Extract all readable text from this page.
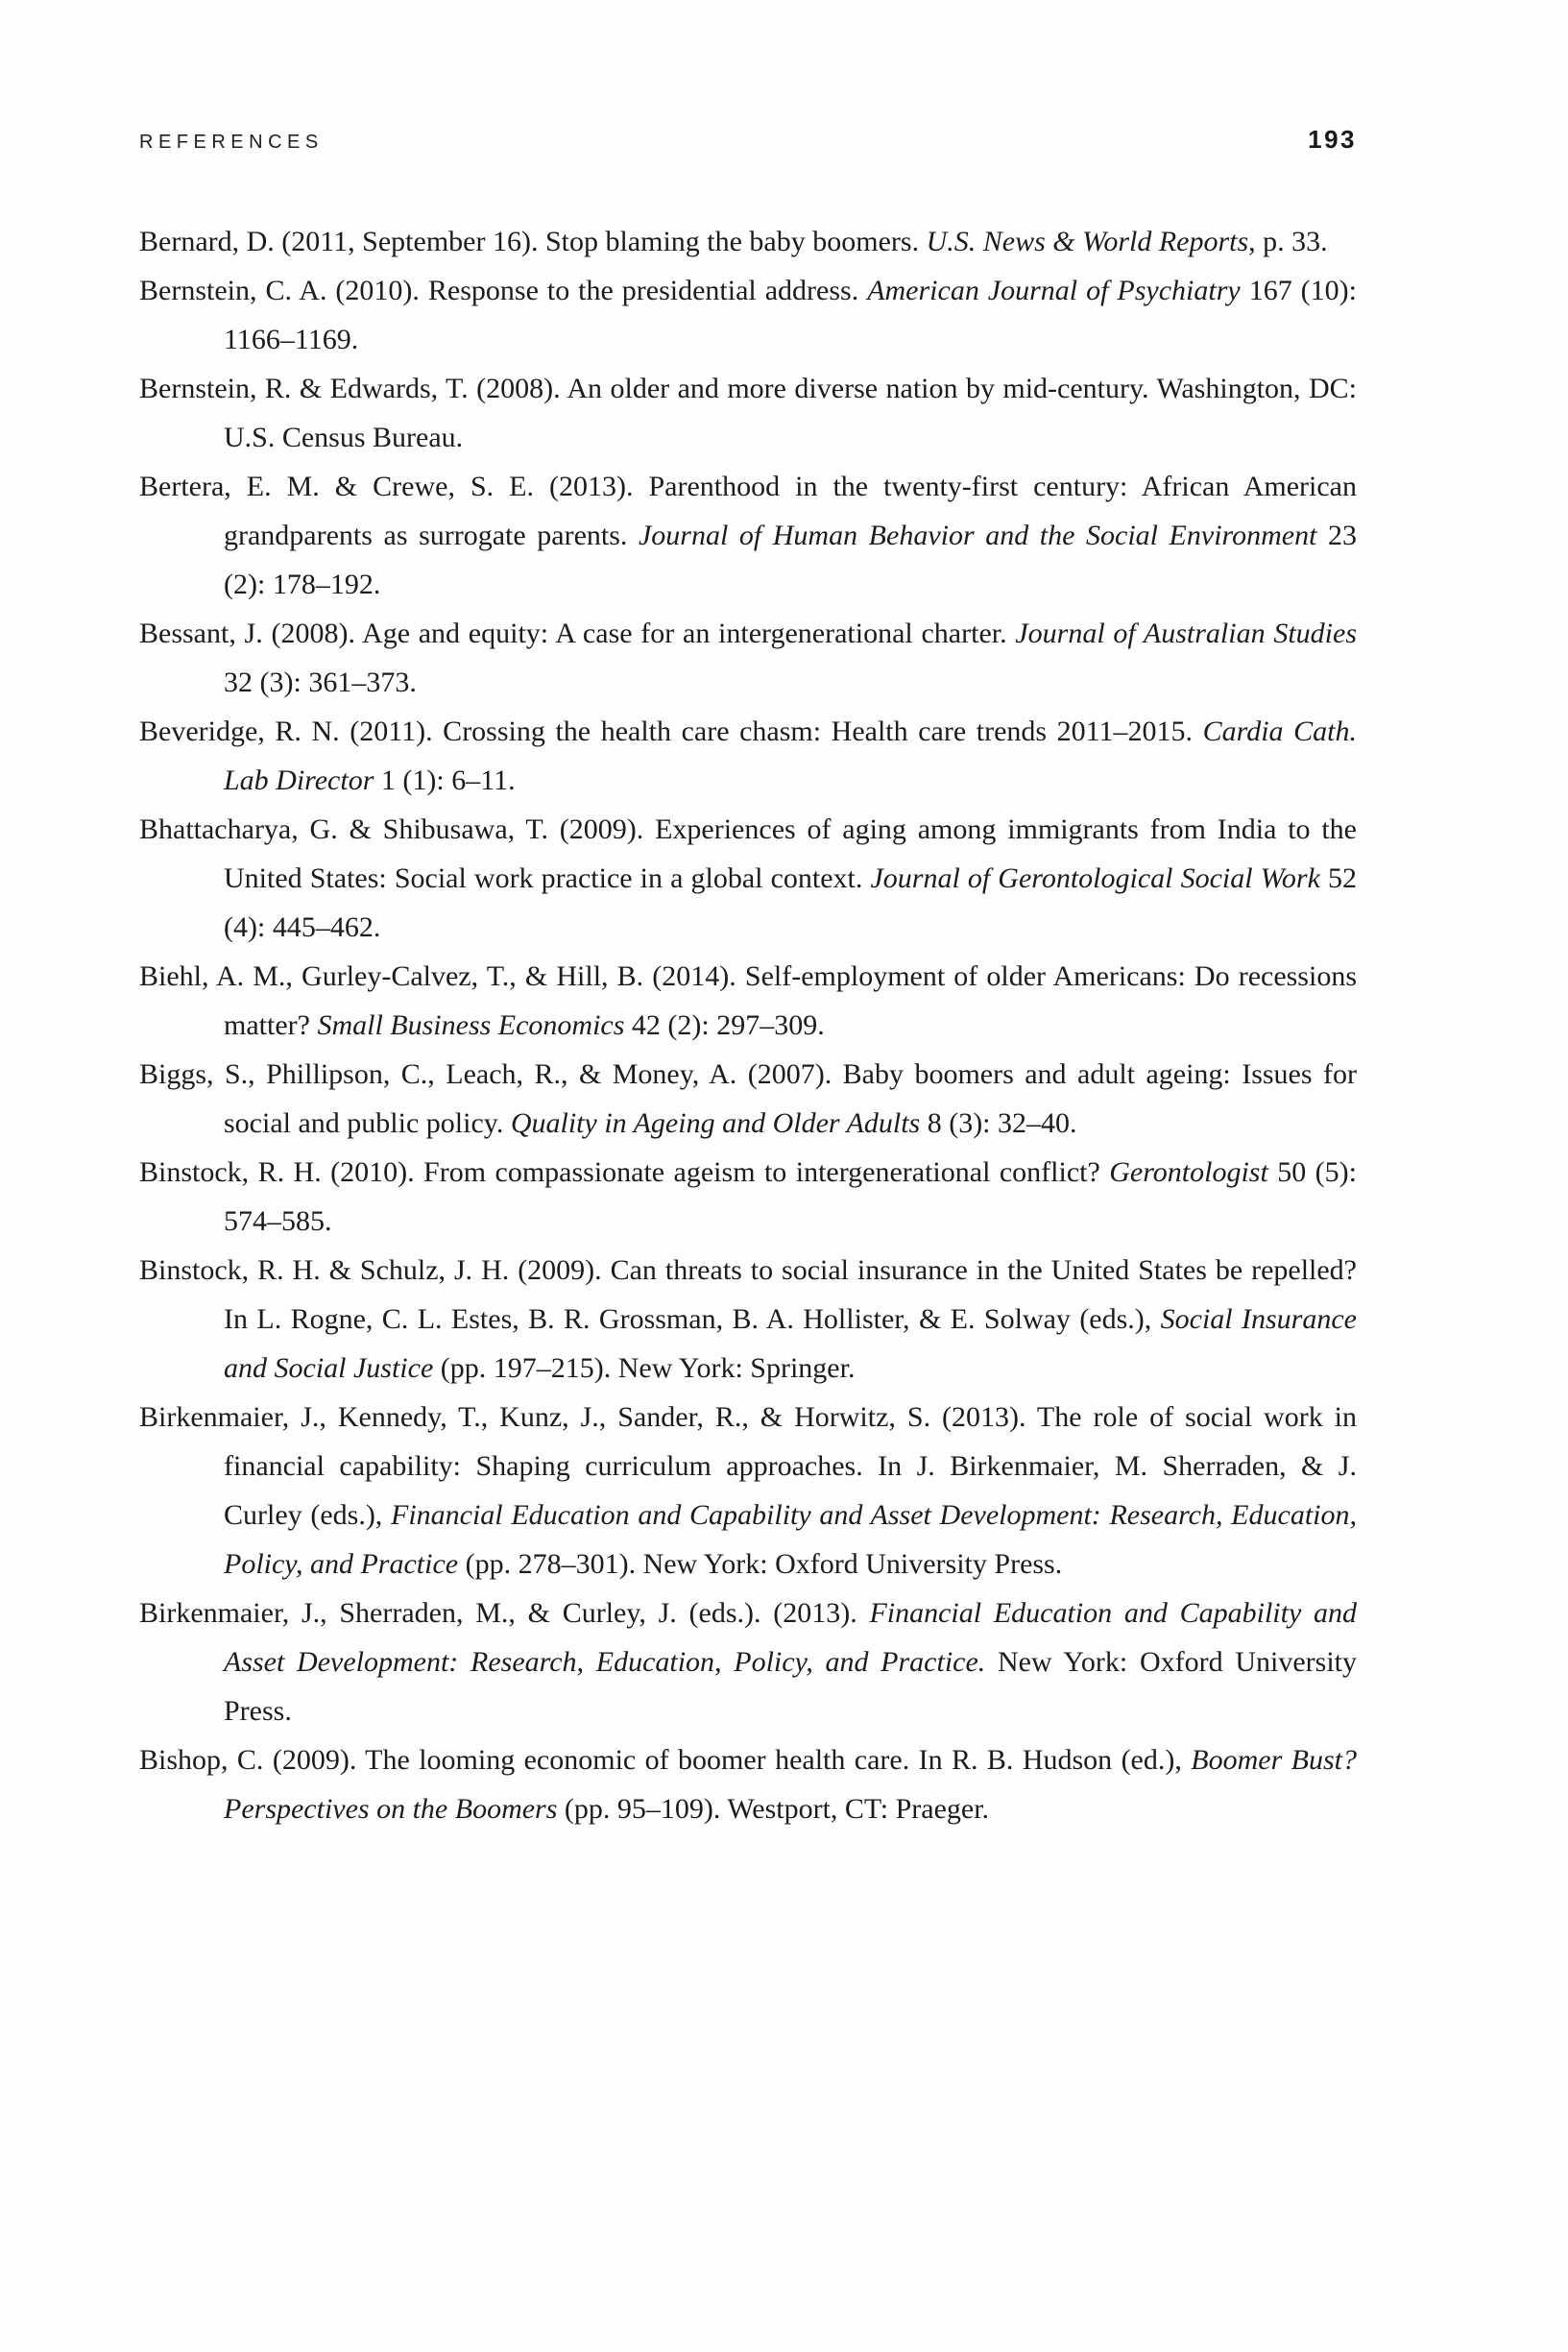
REFERENCES	193

Bernard, D. (2011, September 16). Stop blaming the baby boomers. U.S. News & World Reports, p. 33.

Bernstein, C. A. (2010). Response to the presidential address. American Journal of Psychiatry 167 (10): 1166–1169.

Bernstein, R. & Edwards, T. (2008). An older and more diverse nation by mid-century. Washington, DC: U.S. Census Bureau.

Bertera, E. M. & Crewe, S. E. (2013). Parenthood in the twenty-first century: African American grandparents as surrogate parents. Journal of Human Behavior and the Social Environment 23 (2): 178–192.

Bessant, J. (2008). Age and equity: A case for an intergenerational charter. Journal of Australian Studies 32 (3): 361–373.

Beveridge, R. N. (2011). Crossing the health care chasm: Health care trends 2011–2015. Cardia Cath. Lab Director 1 (1): 6–11.

Bhattacharya, G. & Shibusawa, T. (2009). Experiences of aging among immigrants from India to the United States: Social work practice in a global context. Journal of Gerontological Social Work 52 (4): 445–462.

Biehl, A. M., Gurley-Calvez, T., & Hill, B. (2014). Self-employment of older Americans: Do recessions matter? Small Business Economics 42 (2): 297–309.

Biggs, S., Phillipson, C., Leach, R., & Money, A. (2007). Baby boomers and adult ageing: Issues for social and public policy. Quality in Ageing and Older Adults 8 (3): 32–40.

Binstock, R. H. (2010). From compassionate ageism to intergenerational conflict? Gerontologist 50 (5): 574–585.

Binstock, R. H. & Schulz, J. H. (2009). Can threats to social insurance in the United States be repelled? In L. Rogne, C. L. Estes, B. R. Grossman, B. A. Hollister, & E. Solway (eds.), Social Insurance and Social Justice (pp. 197–215). New York: Springer.

Birkenmaier, J., Kennedy, T., Kunz, J., Sander, R., & Horwitz, S. (2013). The role of social work in financial capability: Shaping curriculum approaches. In J. Birkenmaier, M. Sherraden, & J. Curley (eds.), Financial Education and Capability and Asset Development: Research, Education, Policy, and Practice (pp. 278–301). New York: Oxford University Press.

Birkenmaier, J., Sherraden, M., & Curley, J. (eds.). (2013). Financial Education and Capability and Asset Development: Research, Education, Policy, and Practice. New York: Oxford University Press.

Bishop, C. (2009). The looming economic of boomer health care. In R. B. Hudson (ed.), Boomer Bust? Perspectives on the Boomers (pp. 95–109). Westport, CT: Praeger.
